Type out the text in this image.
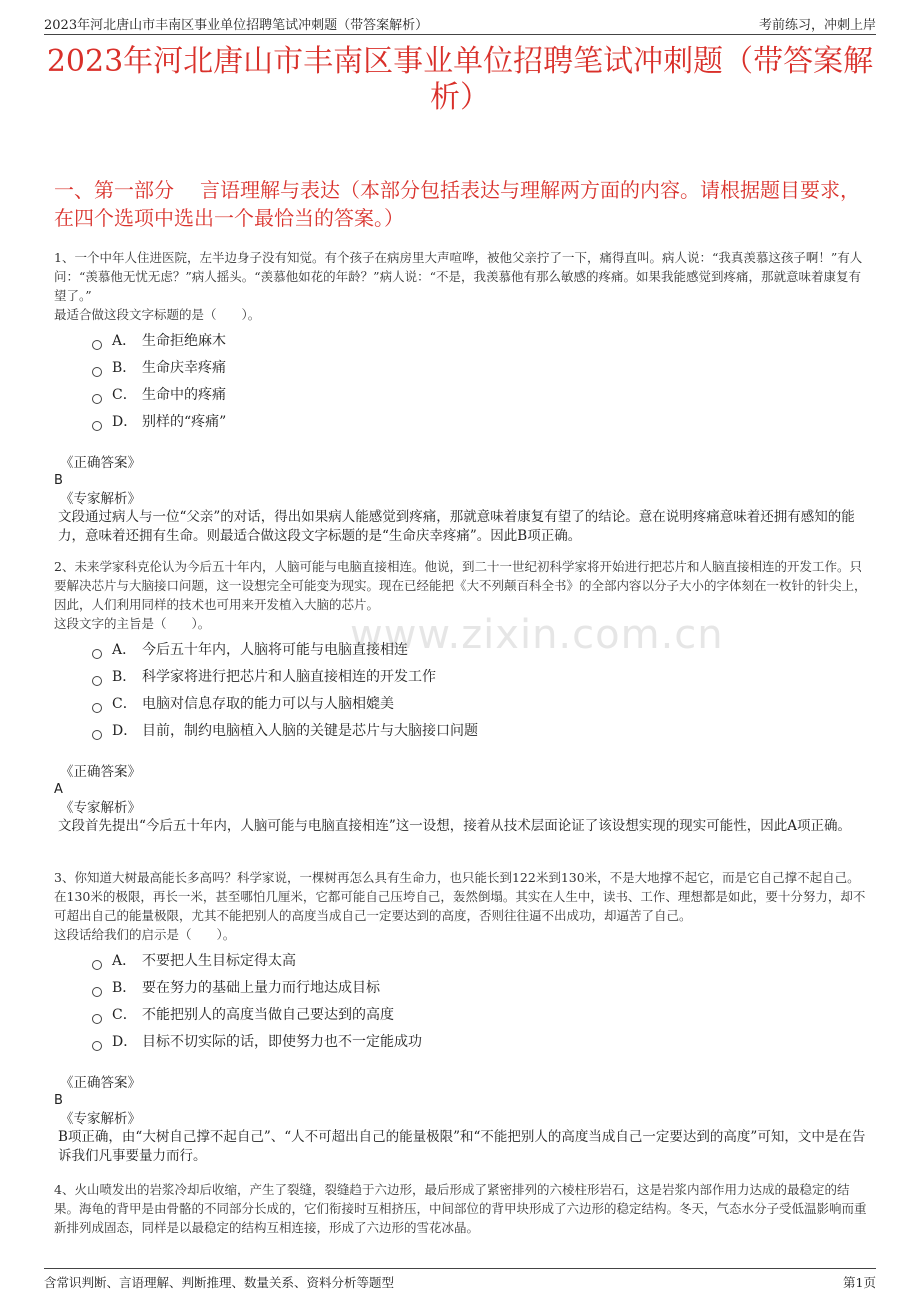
2023年河北唐山市丰南区事业单位招聘笔试冲刺题（带答案解析）	考前练习，冲刺上岸
2023年河北唐山市丰南区事业单位招聘笔试冲刺题（带答案解析）
一、第一部分 言语理解与表达（本部分包括表达与理解两方面的内容。请根据题目要求，在四个选项中选出一个最恰当的答案。）
www.zixin.com.cn

1、一个中年人住进医院，左半边身子没有知觉。有个孩子在病房里大声喧哗，被他父亲拧了一下，痛得直叫。病人说：“我真羡慕这孩子啊！”有人问：“羡慕他无忧无虑？”病人摇头。“羡慕他如花的年龄？”病人说：“不是，我羡慕他有那么敏感的疼痛。如果我能感觉到疼痛，那就意味着康复有望了。”

最适合做这段文字标题的是（　　）。

A． 生命拒绝麻木
B． 生命庆幸疼痛
C． 生命中的疼痛
D． 别样的“疼痛”
《正确答案》
B
《专家解析》

文段通过病人与一位“父亲”的对话，得出如果病人能感觉到疼痛，那就意味着康复有望了的结论。意在说明疼痛意味着还拥有感知的能力，意味着还拥有生命。则最适合做这段文字标题的是“生命庆幸疼痛”。因此B项正确。

2、未来学家科克伦认为今后五十年内，人脑可能与电脑直接相连。他说，到二十一世纪初科学家将开始进行把芯片和人脑直接相连的开发工作。只要解决芯片与大脑接口问题，这一设想完全可能变为现实。现在已经能把《大不列颠百科全书》的全部内容以分子大小的字体刻在一枚针的针尖上，因此，人们利用同样的技术也可用来开发植入大脑的芯片。

这段文字的主旨是（　　）。

A． 今后五十年内，人脑将可能与电脑直接相连
B． 科学家将进行把芯片和人脑直接相连的开发工作
C． 电脑对信息存取的能力可以与人脑相媲美
D． 目前，制约电脑植入人脑的关键是芯片与大脑接口问题
《正确答案》
A
《专家解析》

文段首先提出“今后五十年内，人脑可能与电脑直接相连”这一设想，接着从技术层面论证了该设想实现的现实可能性，因此A项正确。

3、你知道大树最高能长多高吗？科学家说，一棵树再怎么具有生命力，也只能长到122米到130米，不是大地撑不起它，而是它自己撑不起自己。在130米的极限，再长一米，甚至哪怕几厘米，它都可能自己压垮自己，轰然倒塌。其实在人生中，读书、工作、理想都是如此，要十分努力，却不可超出自己的能量极限，尤其不能把别人的高度当成自己一定要达到的高度，否则往往逼不出成功，却逼苦了自己。

这段话给我们的启示是（　　）。

A． 不要把人生目标定得太高
B． 要在努力的基础上量力而行地达成目标
C． 不能把别人的高度当做自己要达到的高度
D． 目标不切实际的话，即使努力也不一定能成功
《正确答案》
B
《专家解析》

B项正确，由“大树自己撑不起自己”、“人不可超出自己的能量极限”和“不能把别人的高度当成自己一定要达到的高度”可知，文中是在告诉我们凡事要量力而行。

4、火山喷发出的岩浆冷却后收缩，产生了裂缝，裂缝趋于六边形，最后形成了紧密排列的六棱柱形岩石，这是岩浆内部作用力达成的最稳定的结果。海龟的背甲是由骨骼的不同部分长成的，它们衔接时互相挤压，中间部位的背甲块形成了六边形的稳定结构。冬天，气态水分子受低温影响而重新排列成固态，同样是以最稳定的结构互相连接，形成了六边形的雪花冰晶。

含常识判断、言语理解、判断推理、数量关系、资料分析等题型	第1页
